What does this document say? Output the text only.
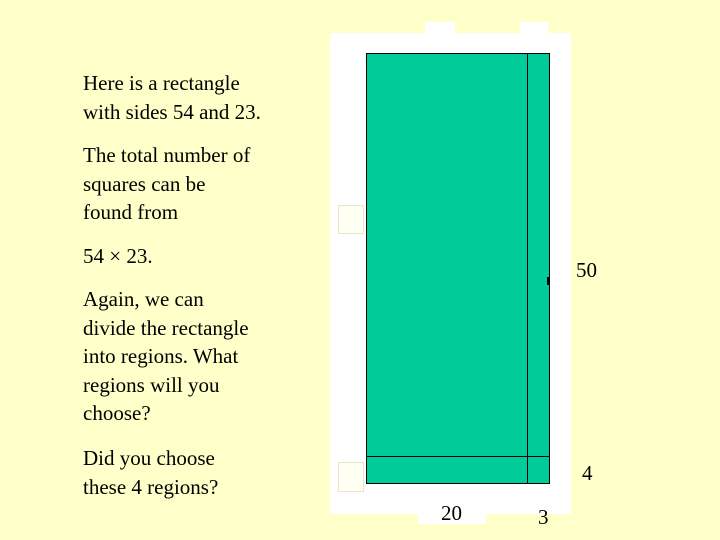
Here is a rectangle
with sides 54 and 23.

The total number of
squares can be
found from

54 × 23.

Again, we can
divide the rectangle
into regions. What
regions will you
choose?

Did you choose
these 4 regions?

50
4
20	3
